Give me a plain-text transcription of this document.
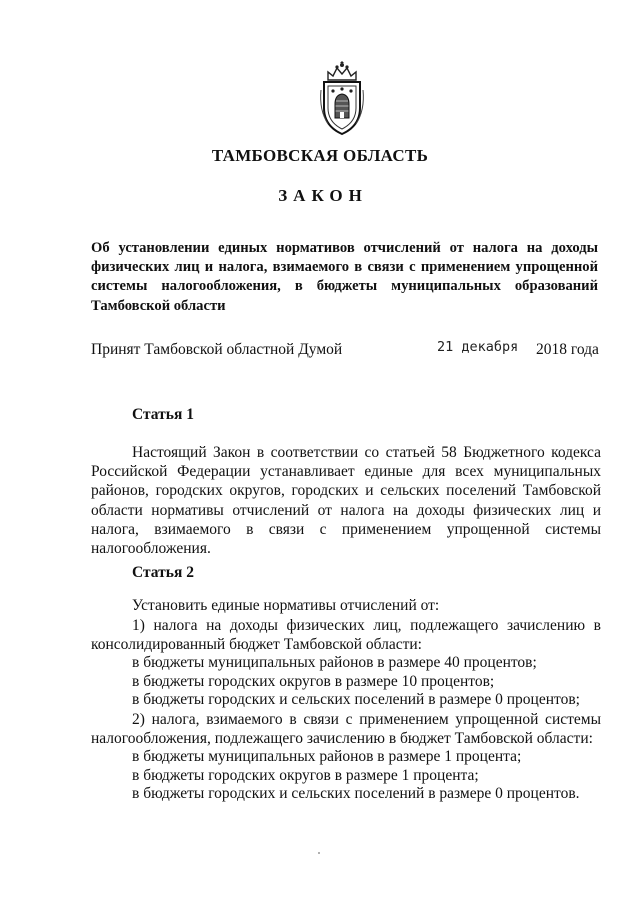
ТАМБОВСКАЯ ОБЛАСТЬ
ЗАКОН
Об установлении единых нормативов отчислений от налога на доходы физических лиц и налога, взимаемого в связи с применением упрощенной системы налогообложения, в бюджеты муниципальных образований Тамбовской области
Принят Тамбовской областной Думой	21 декабря 2018 года
Статья 1
Настоящий Закон в соответствии со статьей 58 Бюджетного кодекса Российской Федерации устанавливает единые для всех муниципальных районов, городских округов, городских и сельских поселений Тамбовской области нормативы отчислений от налога на доходы физических лиц и налога, взимаемого в связи с применением упрощенной системы налогообложения.
Статья 2
Установить единые нормативы отчислений от:
1) налога на доходы физических лиц, подлежащего зачислению в консолидированный бюджет Тамбовской области:
в бюджеты муниципальных районов в размере 40 процентов;
в бюджеты городских округов в размере 10 процентов;
в бюджеты городских и сельских поселений в размере 0 процентов;
2) налога, взимаемого в связи с применением упрощенной системы налогообложения, подлежащего зачислению в бюджет Тамбовской области:
в бюджеты муниципальных районов в размере 1 процента;
в бюджеты городских округов в размере 1 процента;
в бюджеты городских и сельских поселений в размере 0 процентов.
